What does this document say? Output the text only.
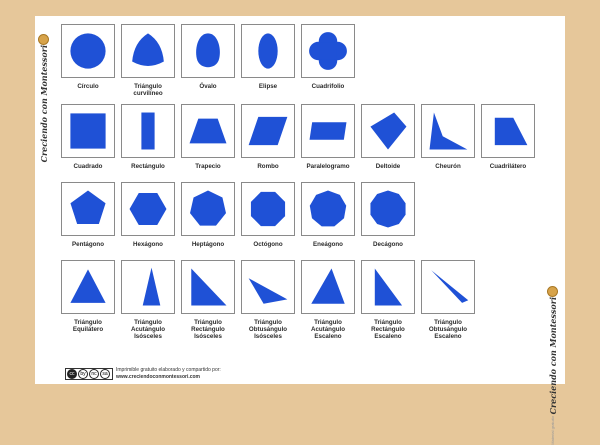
Creciendo con Montessori	Círculo	Triángulo curvilíneo
Óvalo	Elipse	Cuadrifolio
Cuadrado	Rectángulo	Trapecio	Rombo	Paralelogramo	Deltoide	Cheurón	Cuadrilátero
Pentágono	Hexágono	Heptágono	Octógono	Eneágono	Decágono
Triángulo Equilátero
Triángulo Acutángulo Isósceles
Triángulo Rectángulo Isósceles
Triángulo Obtusángulo Isósceles
Triángulo Acutángulo Escaleno
Triángulo Rectángulo Escaleno
Triángulo Obtusángulo Escaleno	Creciendo con Montessori
Material gratuito
cc	by	nc	sa
Imprimible gratuito elaborado y compartido por:
www.creciendoconmontessori.com
